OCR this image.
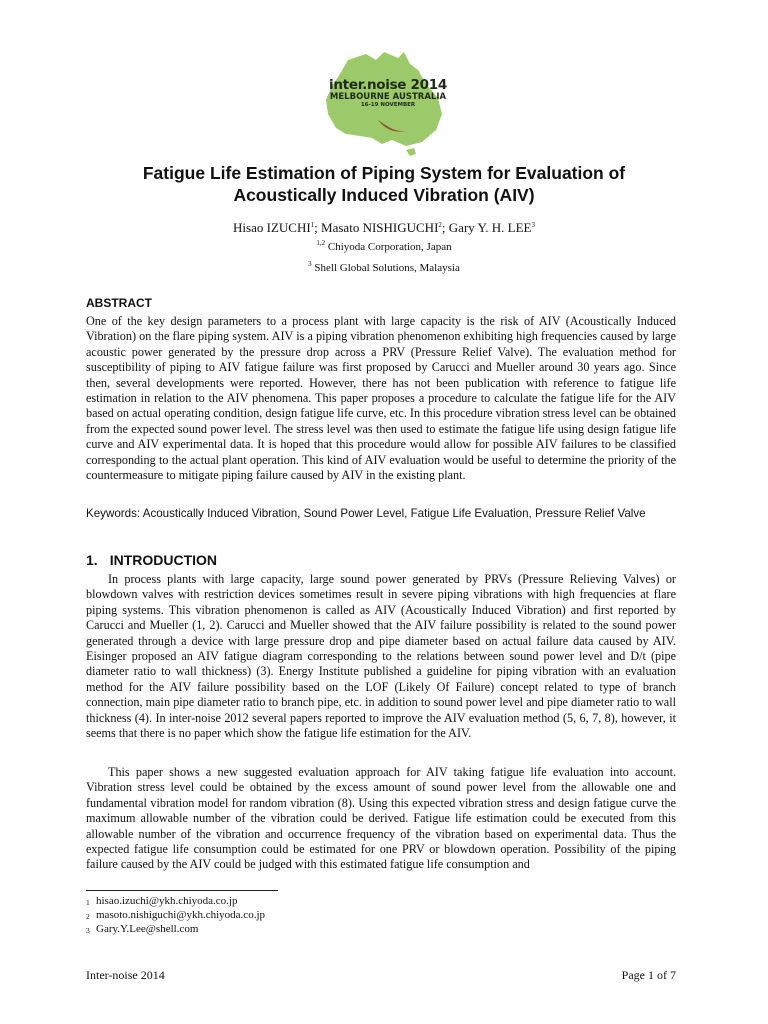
inter.noise 2014
MELBOURNE AUSTRALIA
16-19 NOVEMBER
Fatigue Life Estimation of Piping System for Evaluation of
Acoustically Induced Vibration (AIV)
Hisao IZUCHI$^1$; Masato NISHIGUCHI$^2$; Gary Y. H. LEE$^3$
$^{1,2}$ Chiyoda Corporation, Japan
$^3$ Shell Global Solutions, Malaysia
ABSTRACT
One of the key design parameters to a process plant with large capacity is the risk of AIV (Acoustically Induced Vibration) on the flare piping system. AIV is a piping vibration phenomenon exhibiting high frequencies caused by large acoustic power generated by the pressure drop across a PRV (Pressure Relief Valve). The evaluation method for susceptibility of piping to AIV fatigue failure was first proposed by Carucci and Mueller around 30 years ago. Since then, several developments were reported. However, there has not been publication with reference to fatigue life estimation in relation to the AIV phenomena. This paper proposes a procedure to calculate the fatigue life for the AIV based on actual operating condition, design fatigue life curve, etc. In this procedure vibration stress level can be obtained from the expected sound power level. The stress level was then used to estimate the fatigue life using design fatigue life curve and AIV experimental data. It is hoped that this procedure would allow for possible AIV failures to be classified corresponding to the actual plant operation. This kind of AIV evaluation would be useful to determine the priority of the countermeasure to mitigate piping failure caused by AIV in the existing plant.
Keywords: Acoustically Induced Vibration, Sound Power Level, Fatigue Life Evaluation, Pressure Relief Valve
1. INTRODUCTION
In process plants with large capacity, large sound power generated by PRVs (Pressure Relieving Valves) or blowdown valves with restriction devices sometimes result in severe piping vibrations with high frequencies at flare piping systems. This vibration phenomenon is called as AIV (Acoustically Induced Vibration) and first reported by Carucci and Mueller (1, 2). Carucci and Mueller showed that the AIV failure possibility is related to the sound power generated through a device with large pressure drop and pipe diameter based on actual failure data caused by AIV. Eisinger proposed an AIV fatigue diagram corresponding to the relations between sound power level and D/t (pipe diameter ratio to wall thickness) (3). Energy Institute published a guideline for piping vibration with an evaluation method for the AIV failure possibility based on the LOF (Likely Of Failure) concept related to type of branch connection, main pipe diameter ratio to branch pipe, etc. in addition to sound power level and pipe diameter ratio to wall thickness (4). In inter-noise 2012 several papers reported to improve the AIV evaluation method (5, 6, 7, 8), however, it seems that there is no paper which show the fatigue life estimation for the AIV.
This paper shows a new suggested evaluation approach for AIV taking fatigue life evaluation into account. Vibration stress level could be obtained by the excess amount of sound power level from the allowable one and fundamental vibration model for random vibration (8). Using this expected vibration stress and design fatigue curve the maximum allowable number of the vibration could be derived. Fatigue life estimation could be executed from this allowable number of the vibration and occurrence frequency of the vibration based on experimental data. Thus the expected fatigue life consumption could be estimated for one PRV or blowdown operation. Possibility of the piping failure caused by the AIV could be judged with this estimated fatigue life consumption and
1 hisao.izuchi@ykh.chiyoda.co.jp
2 masoto.nishiguchi@ykh.chiyoda.co.jp
3 Gary.Y.Lee@shell.com
Inter-noise 2014	Page 1 of 7
